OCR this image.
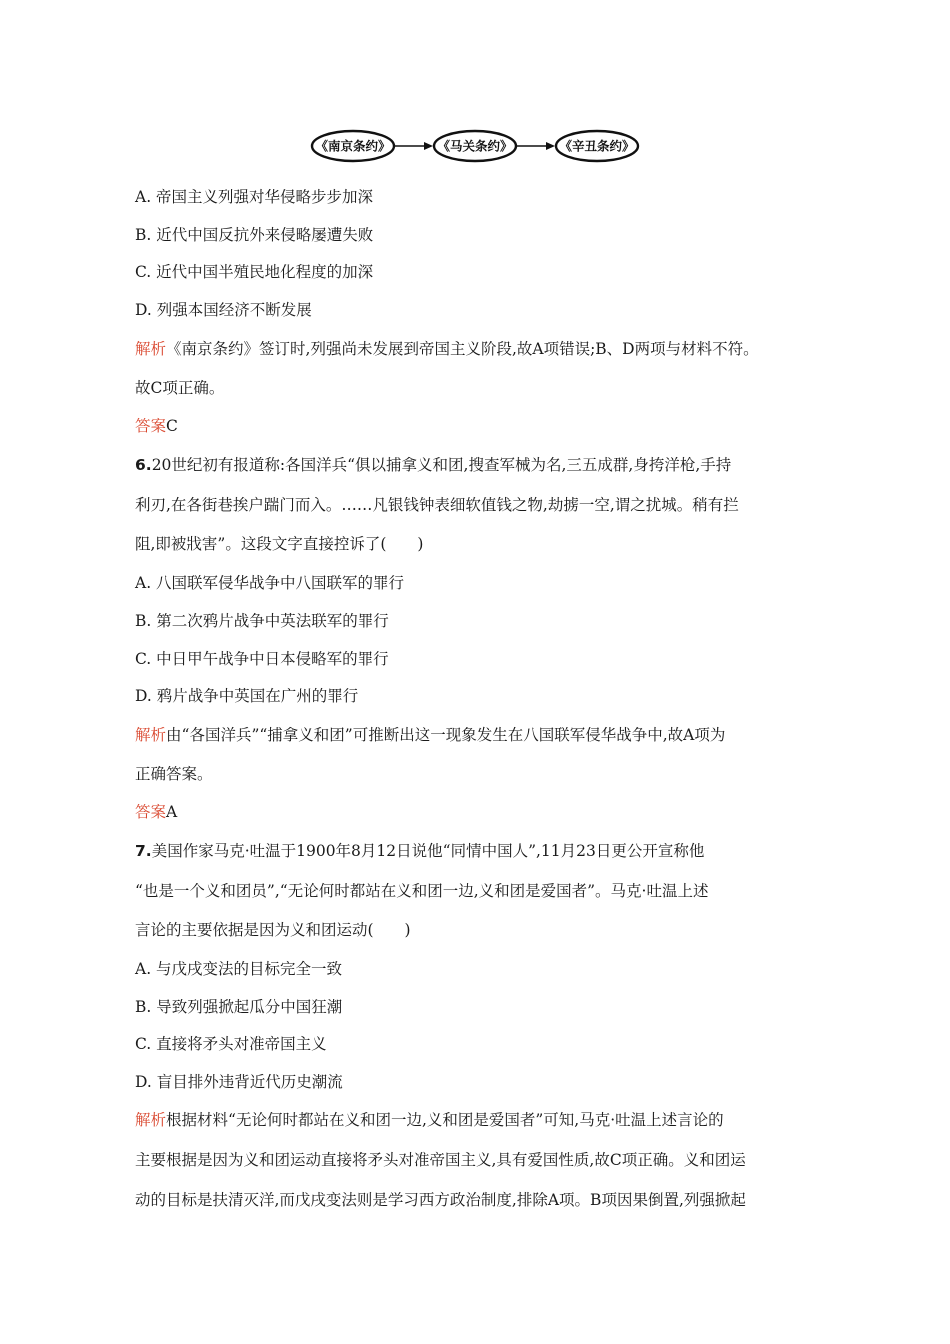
《南京条约》	《马关条约》	《辛丑条约》
A. 帝国主义列强对华侵略步步加深
B. 近代中国反抗外来侵略屡遭失败
C. 近代中国半殖民地化程度的加深
D. 列强本国经济不断发展
解析《南京条约》签订时,列强尚未发展到帝国主义阶段,故A项错误;B、D两项与材料不符。
故C项正确。
答案C
6.20世纪初有报道称:各国洋兵“俱以捕拿义和团,搜查军械为名,三五成群,身挎洋枪,手持
利刃,在各街巷挨户踹门而入。……凡银钱钟表细软值钱之物,劫掳一空,谓之扰城。稍有拦
阻,即被戕害”。这段文字直接控诉了(　　)
A. 八国联军侵华战争中八国联军的罪行
B. 第二次鸦片战争中英法联军的罪行
C. 中日甲午战争中日本侵略军的罪行
D. 鸦片战争中英国在广州的罪行
解析由“各国洋兵”“捕拿义和团”可推断出这一现象发生在八国联军侵华战争中,故A项为
正确答案。
答案A
7.美国作家马克·吐温于1900年8月12日说他“同情中国人”,11月23日更公开宣称他
“也是一个义和团员”,“无论何时都站在义和团一边,义和团是爱国者”。马克·吐温上述
言论的主要依据是因为义和团运动(　　)
A. 与戊戌变法的目标完全一致
B. 导致列强掀起瓜分中国狂潮
C. 直接将矛头对准帝国主义
D. 盲目排外违背近代历史潮流
解析根据材料“无论何时都站在义和团一边,义和团是爱国者”可知,马克·吐温上述言论的
主要根据是因为义和团运动直接将矛头对准帝国主义,具有爱国性质,故C项正确。义和团运
动的目标是扶清灭洋,而戊戌变法则是学习西方政治制度,排除A项。B项因果倒置,列强掀起
